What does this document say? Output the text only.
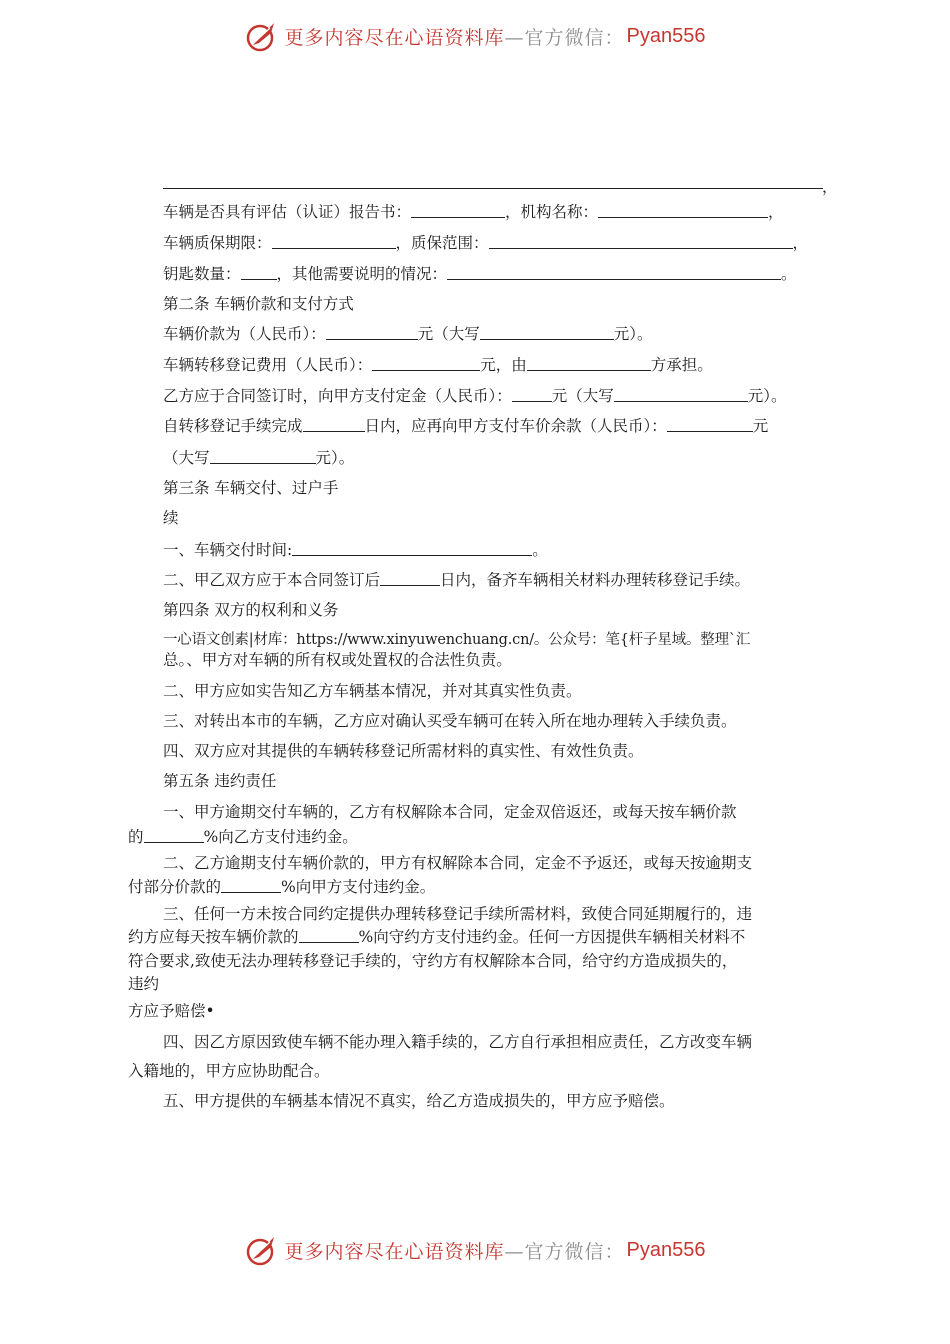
更多内容尽在心语资料库 —官方微信： Pyan556
，
车辆是否具有评估（认证）报告书：	，机构名称：	，
车辆质保期限：	，质保范围：	，
钥匙数量： ，其他需要说明的情况：	。
第二条 车辆价款和支付方式
车辆价款为（人民币）：	元（大写	元）。
车辆转移登记费用（人民币）：	元，由	方承担。
乙方应于合同签订时，向甲方支付定金（人民币）：	元（大写	元）。
自转移登记手续完成	日内，应再向甲方支付车价余款（人民币）：	元
（大写	元）。
第三条 车辆交付、过户手
续
一、车辆交付时间:	。
二、甲乙双方应于本合同签订后	日内，备齐车辆相关材料办理转移登记手续。
第四条 双方的权利和义务
一心语文创素|材库：https://www.xinyuwenchuang.cn/。公众号：笔{杆子星域。整理`汇
总。、甲方对车辆的所有权或处置权的合法性负责。
二、甲方应如实告知乙方车辆基本情况，并对其真实性负责。
三、对转出本市的车辆，乙方应对确认买受车辆可在转入所在地办理转入手续负责。
四、双方应对其提供的车辆转移登记所需材料的真实性、有效性负责。
第五条 违约责任
一、甲方逾期交付车辆的，乙方有权解除本合同，定金双倍返还，或每天按车辆价款
的	%向乙方支付违约金。
二、乙方逾期支付车辆价款的，甲方有权解除本合同，定金不予返还，或每天按逾期支
付部分价款的	%向甲方支付违约金。
三、任何一方未按合同约定提供办理转移登记手续所需材料，致使合同延期履行的，违
约方应每天按车辆价款的	%向守约方支付违约金。任何一方因提供车辆相关材料不
符合要求,致使无法办理转移登记手续的，守约方有权解除本合同，给守约方造成损失的，
违约
方应予赔偿•
四、因乙方原因致使车辆不能办理入籍手续的，乙方自行承担相应责任，乙方改变车辆
入籍地的，甲方应协助配合。
五、甲方提供的车辆基本情况不真实，给乙方造成损失的，甲方应予赔偿。
更多内容尽在心语资料库 —官方微信： Pyan556
